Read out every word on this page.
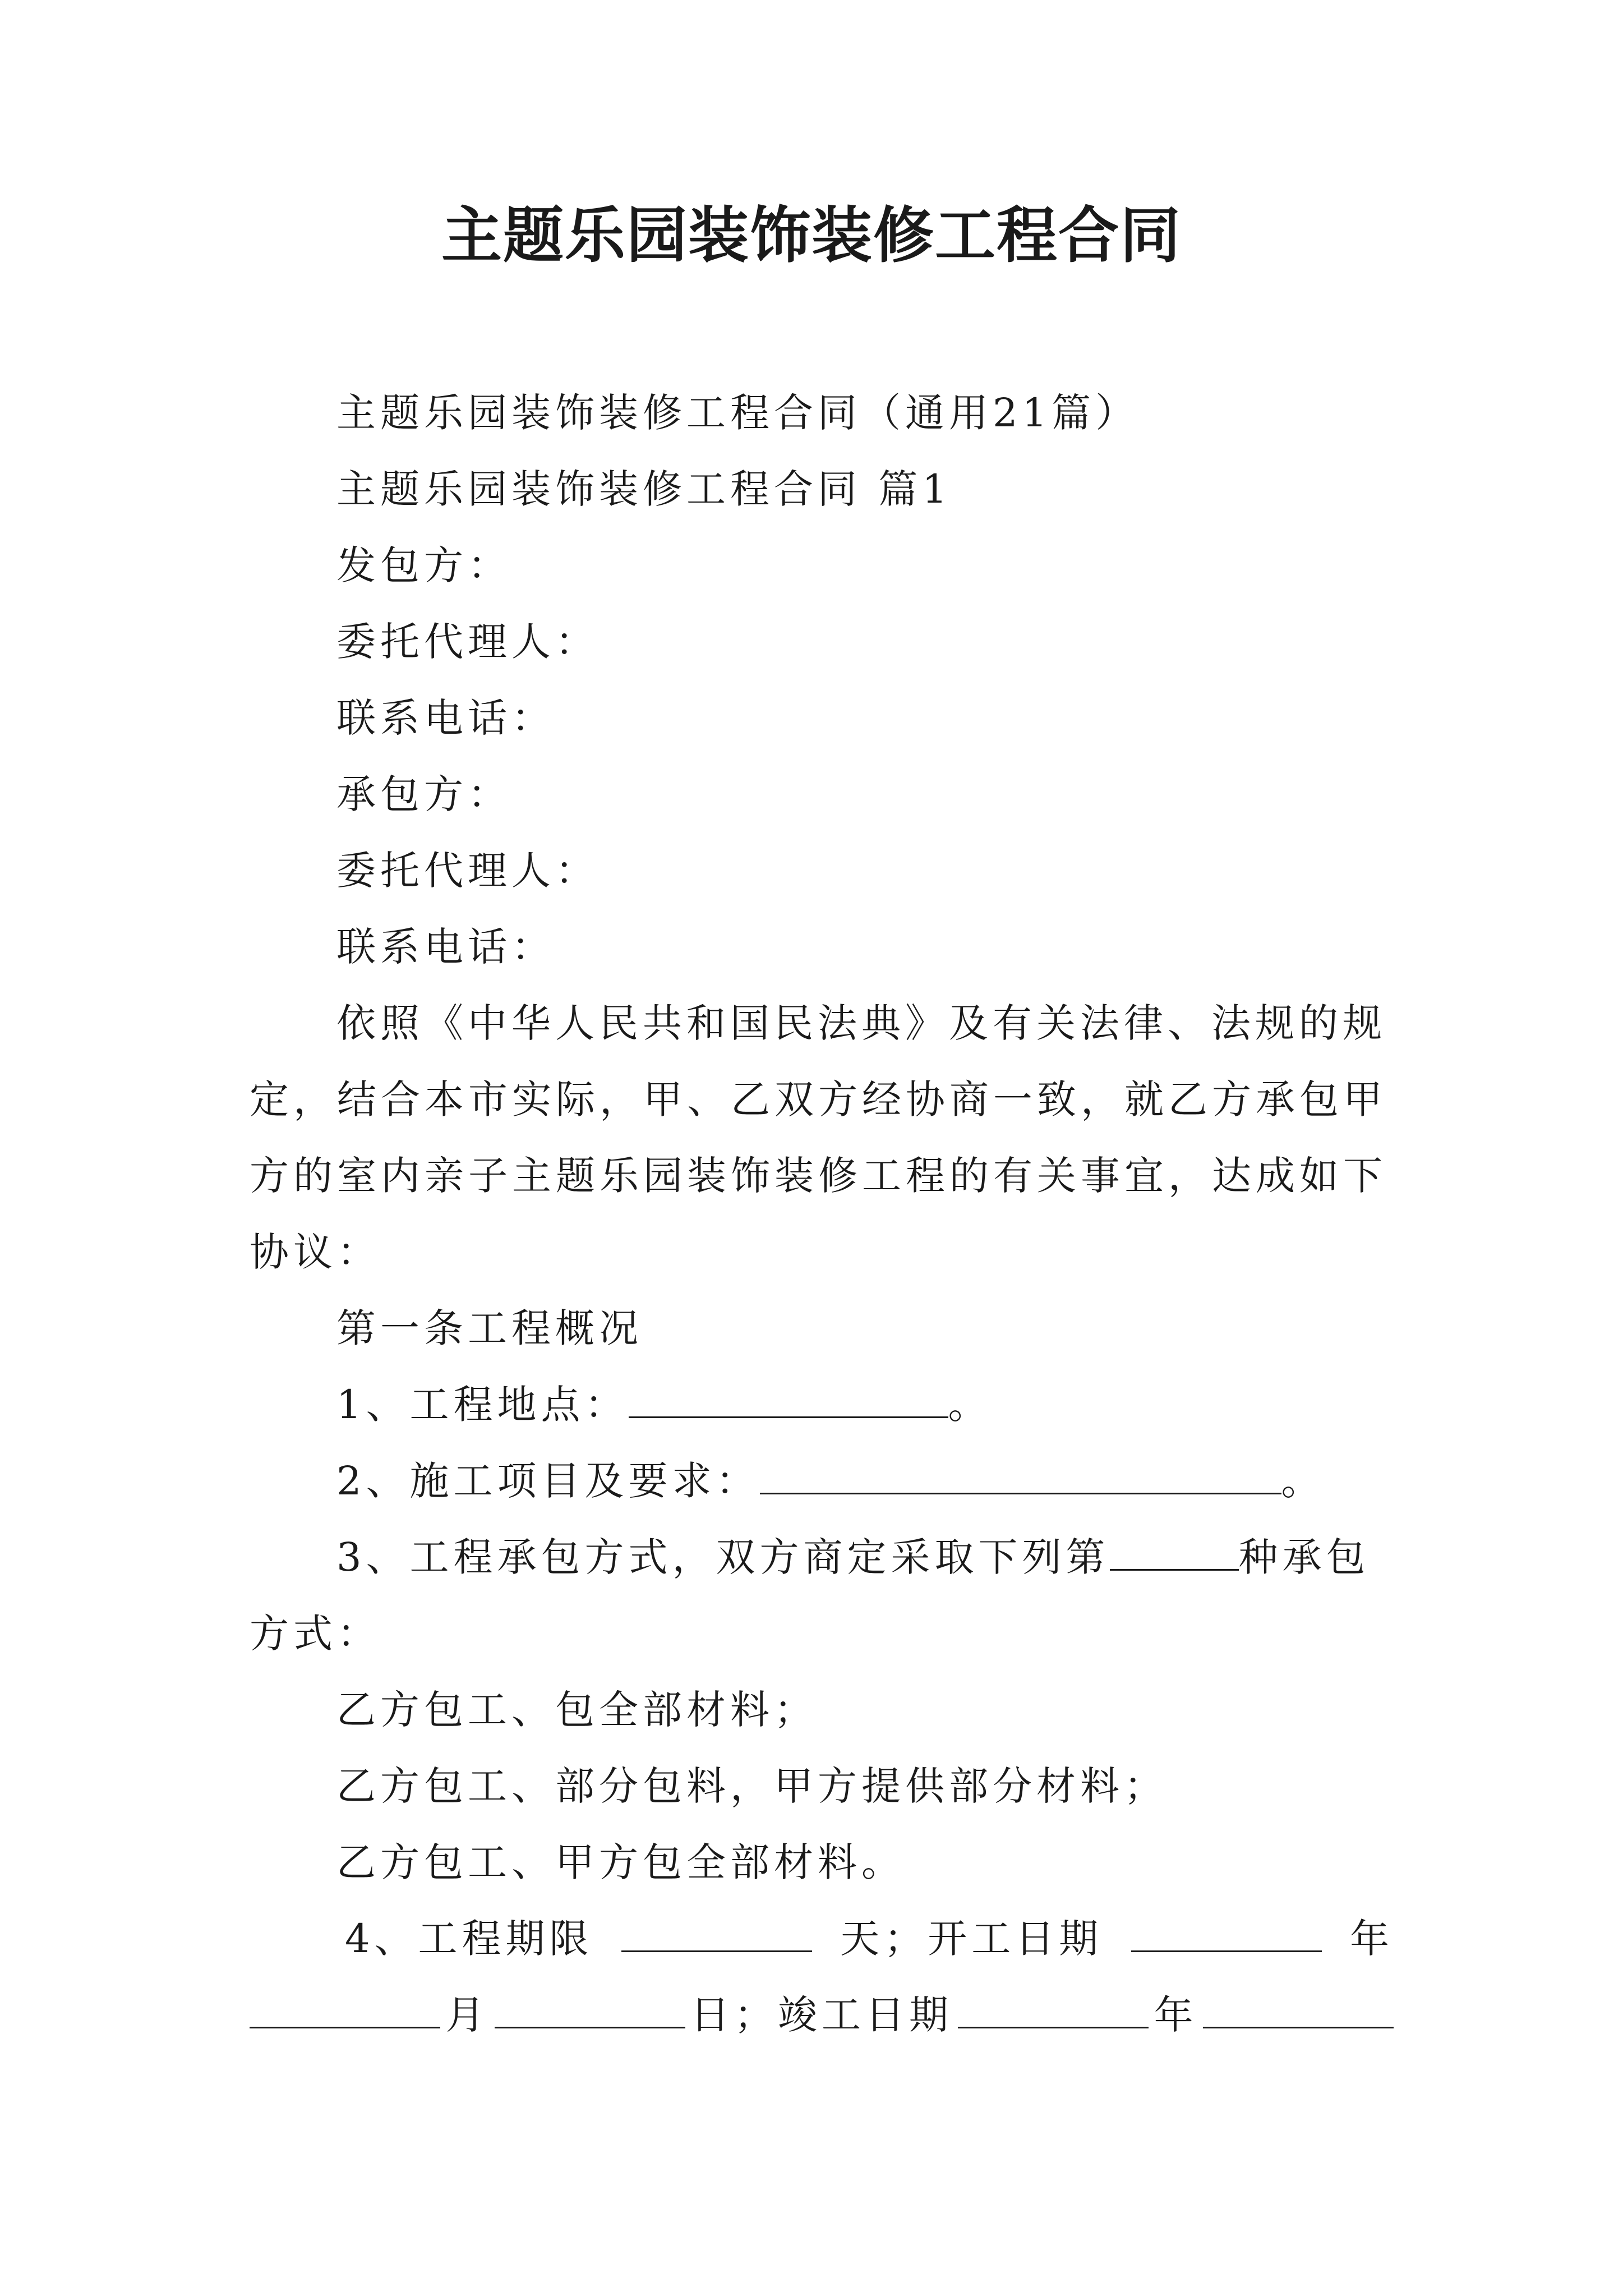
主题乐园装饰装修工程合同
主题乐园装饰装修工程合同（通用21篇）
主题乐园装饰装修工程合同 篇1
发包方：
委托代理人：
联系电话：
承包方：
委托代理人：
联系电话：
依照《中华人民共和国民法典》及有关法律、法规的规
定，结合本市实际，甲、乙双方经协商一致，就乙方承包甲
方的室内亲子主题乐园装饰装修工程的有关事宜，达成如下
协议：
第一条工程概况
1、工程地点：	。
2、施工项目及要求：	。
3、工程承包方式，双方商定采取下列第	种承包
方式：
乙方包工、包全部材料；
乙方包工、部分包料，甲方提供部分材料；
乙方包工、甲方包全部材料。
4、工程期限	天；开工日期	年
月	日；竣工日期	年
